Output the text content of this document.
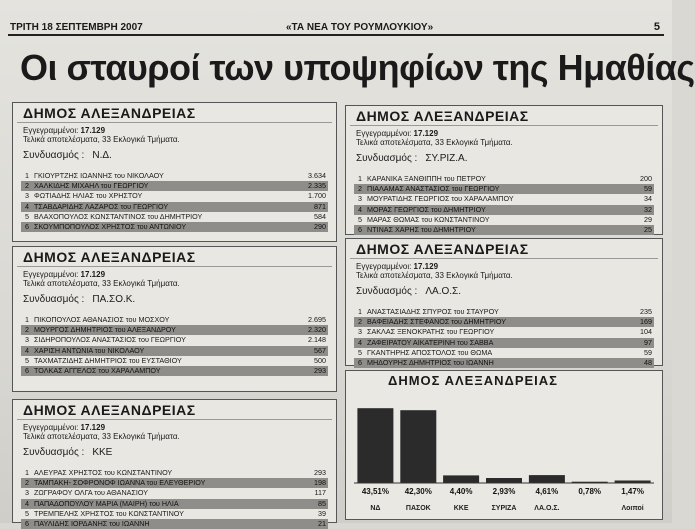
ΤΡΙΤΗ 18 ΣΕΠΤΕΜΒΡΗ 2007	«ΤΑ ΝΕΑ ΤΟΥ ΡΟΥΜΛΟΥΚΙΟΥ»	5
Οι σταυροί των υποψηφίων της Ημαθίας
ΔΗΜΟΣ ΑΛΕΞΑΝΔΡΕΙΑΣ
Εγγεγραμμένοι: 17.129
Τελικά αποτελέσματα, 33 Εκλογικά Τμήματα.
Συνδυασμός : Ν.Δ.
1 ΓΚΙΟΥΡΤΖΗΣ ΙΩΑΝΝΗΣ του ΝΙΚΟΛΑΟΥ	3.634
2 ΧΑΛΚΙΔΗΣ ΜΙΧΑΗΛ του ΓΕΩΡΓΙΟΥ	2.335
3 ΦΩΤΙΑΔΗΣ ΗΛΙΑΣ του ΧΡΗΣΤΟΥ	1.700
4 ΤΣΑΒΔΑΡΙΔΗΣ ΛΑΖΑΡΟΣ του ΓΕΩΡΓΙΟΥ	871
5 ΒΛΑΧΟΠΟΥΛΟΣ ΚΩΝΣΤΑΝΤΙΝΟΣ του ΔΗΜΗΤΡΙΟΥ	584
6 ΣΚΟΥΜΠΟΠΟΥΛΟΣ ΧΡΗΣΤΟΣ του ΑΝΤΩΝΙΟΥ	290
ΔΗΜΟΣ ΑΛΕΞΑΝΔΡΕΙΑΣ
Εγγεγραμμένοι: 17.129
Τελικά αποτελέσματα, 33 Εκλογικά Τμήματα.
Συνδυασμός : ΠΑ.ΣΟ.Κ.
1 ΠΙΚΟΠΟΥΛΟΣ ΑΘΑΝΑΣΙΟΣ του ΜΟΣΧΟΥ	2.695
2 ΜΟΥΡΓΟΣ ΔΗΜΗΤΡΙΟΣ του ΑΛΕΞΑΝΔΡΟΥ	2.320
3 ΣΙΔΗΡΟΠΟΥΛΟΣ ΑΝΑΣΤΑΣΙΟΣ του ΓΕΩΡΓΙΟΥ	2.148
4 ΧΑΡΙΣΗ ΑΝΤΩΝΙΑ του ΝΙΚΟΛΑΟΥ	567
5 ΤΑΧΜΑΤΖΙΔΗΣ ΔΗΜΗΤΡΙΟΣ του ΕΥΣΤΑΘΙΟΥ	500
6 ΤΟΛΚΑΣ ΑΓΓΕΛΟΣ του ΧΑΡΑΛΑΜΠΟΥ	293
ΔΗΜΟΣ ΑΛΕΞΑΝΔΡΕΙΑΣ
Εγγεγραμμένοι: 17.129
Τελικά αποτελέσματα, 33 Εκλογικά Τμήματα.
Συνδυασμός : ΚΚΕ
1 ΑΛΕΥΡΑΣ ΧΡΗΣΤΟΣ του ΚΩΝΣΤΑΝΤΙΝΟΥ	293
2 ΤΑΜΠΑΚΗ- ΣΟΦΡΟΝΟΦ ΙΩΑΝΝΑ του ΕΛΕΥΘΕΡΙΟΥ	198
3 ΖΩΓΡΑΦΟΥ ΟΛΓΑ του ΑΘΑΝΑΣΙΟΥ	117
4 ΠΑΠΑΔΟΠΟΥΛΟΥ ΜΑΡΙΑ (ΜΑΙΡΗ) του ΗΛΙΑ	85
5 ΤΡΕΜΠΕΛΗΣ ΧΡΗΣΤΟΣ του ΚΩΝΣΤΑΝΤΙΝΟΥ	39
6 ΠΑΥΛΙΔΗΣ ΙΟΡΔΑΝΗΣ του ΙΩΑΝΝΗ	21
ΔΗΜΟΣ ΑΛΕΞΑΝΔΡΕΙΑΣ
Εγγεγραμμένοι: 17.129
Τελικά αποτελέσματα, 33 Εκλογικά Τμήματα.
Συνδυασμός : ΣΥ.ΡΙΖ.Α.
1 ΚΑΡΑΝΙΚΑ ΞΑΝΘΙΠΠΗ του ΠΕΤΡΟΥ	200
2 ΠΙΑΛΑΜΑΣ ΑΝΑΣΤΑΣΙΟΣ του ΓΕΩΡΓΙΟΥ	59
3 ΜΟΥΡΑΤΙΔΗΣ ΓΕΩΡΓΙΟΣ του ΧΑΡΑΛΑΜΠΟΥ	34
4 ΜΟΡΑΣ ΓΕΩΡΓΙΟΣ του ΔΗΜΗΤΡΙΟΥ	32
5 ΜΑΡΑΣ ΘΩΜΑΣ του ΚΩΝΣΤΑΝΤΙΝΟΥ	29
6 ΝΤΙΝΑΣ ΧΑΡΗΣ του ΔΗΜΗΤΡΙΟΥ	25
ΔΗΜΟΣ ΑΛΕΞΑΝΔΡΕΙΑΣ
Εγγεγραμμένοι: 17.129
Τελικά αποτελέσματα, 33 Εκλογικά Τμήματα.
Συνδυασμός : ΛΑ.Ο.Σ.
1 ΑΝΑΣΤΑΣΙΑΔΗΣ ΣΠΥΡΟΣ του ΣΤΑΥΡΟΥ	235
2 ΒΑΦΕΙΑΔΗΣ ΣΤΕΦΑΝΟΣ του ΔΗΜΗΤΡΙΟΥ	169
3 ΣΑΚΛΑΣ ΞΕΝΟΚΡΑΤΗΣ του ΓΕΩΡΓΙΟΥ	104
4 ΖΑΦΕΙΡΑΤΟΥ ΑΙΚΑΤΕΡΙΝΗ του ΣΑΒΒΑ	97
5 ΓΚΑΝΤΗΡΗΣ ΑΠΟΣΤΟΛΟΣ του ΘΩΜΑ	59
6 ΜΗΔΟΥΡΗΣ ΔΗΜΗΤΡΙΟΣ του ΙΩΑΝΝΗ	48
ΔΗΜΟΣ ΑΛΕΞΑΝΔΡΕΙΑΣ
43,51%
ΝΔ
42,30%
ΠΑΣΟΚ
4,40%
ΚΚΕ
2,93%
ΣΥΡΙΖΑ
4,61%
ΛΑ.Ο.Σ.
0,78%	1,47%
Λοιποί
